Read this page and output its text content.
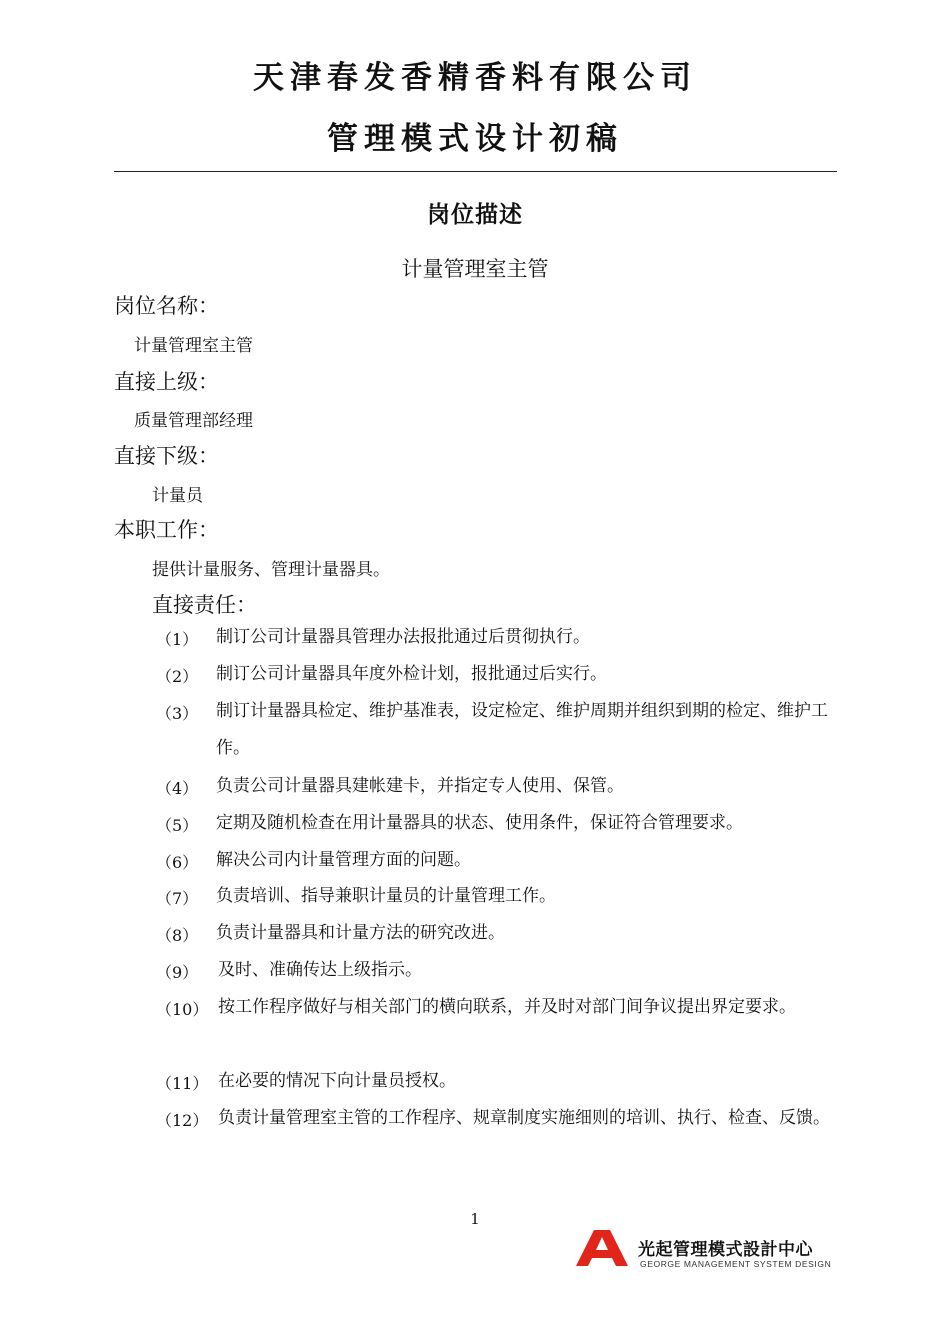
天津春发香精香料有限公司
管理模式设计初稿
岗位描述
计量管理室主管
岗位名称：
计量管理室主管
直接上级：
质量管理部经理
直接下级：
计量员
本职工作：
提供计量服务、管理计量器具。
直接责任：
（1） 制订公司计量器具管理办法报批通过后贯彻执行。
（2） 制订公司计量器具年度外检计划，报批通过后实行。
（3） 制订计量器具检定、维护基准表，设定检定、维护周期并组织到期的检定、维护工作。
（4） 负责公司计量器具建帐建卡，并指定专人使用、保管。
（5） 定期及随机检查在用计量器具的状态、使用条件，保证符合管理要求。
（6） 解决公司内计量管理方面的问题。
（7） 负责培训、指导兼职计量员的计量管理工作。
（8） 负责计量器具和计量方法的研究改进。
（9） 及时、准确传达上级指示。
（10） 按工作程序做好与相关部门的横向联系，并及时对部门间争议提出界定要求。
（11） 在必要的情况下向计量员授权。
（12） 负责计量管理室主管的工作程序、规章制度实施细则的培训、执行、检查、反馈。
1
光起管理模式設計中心
GEORGE MANAGEMENT SYSTEM DESIGN
